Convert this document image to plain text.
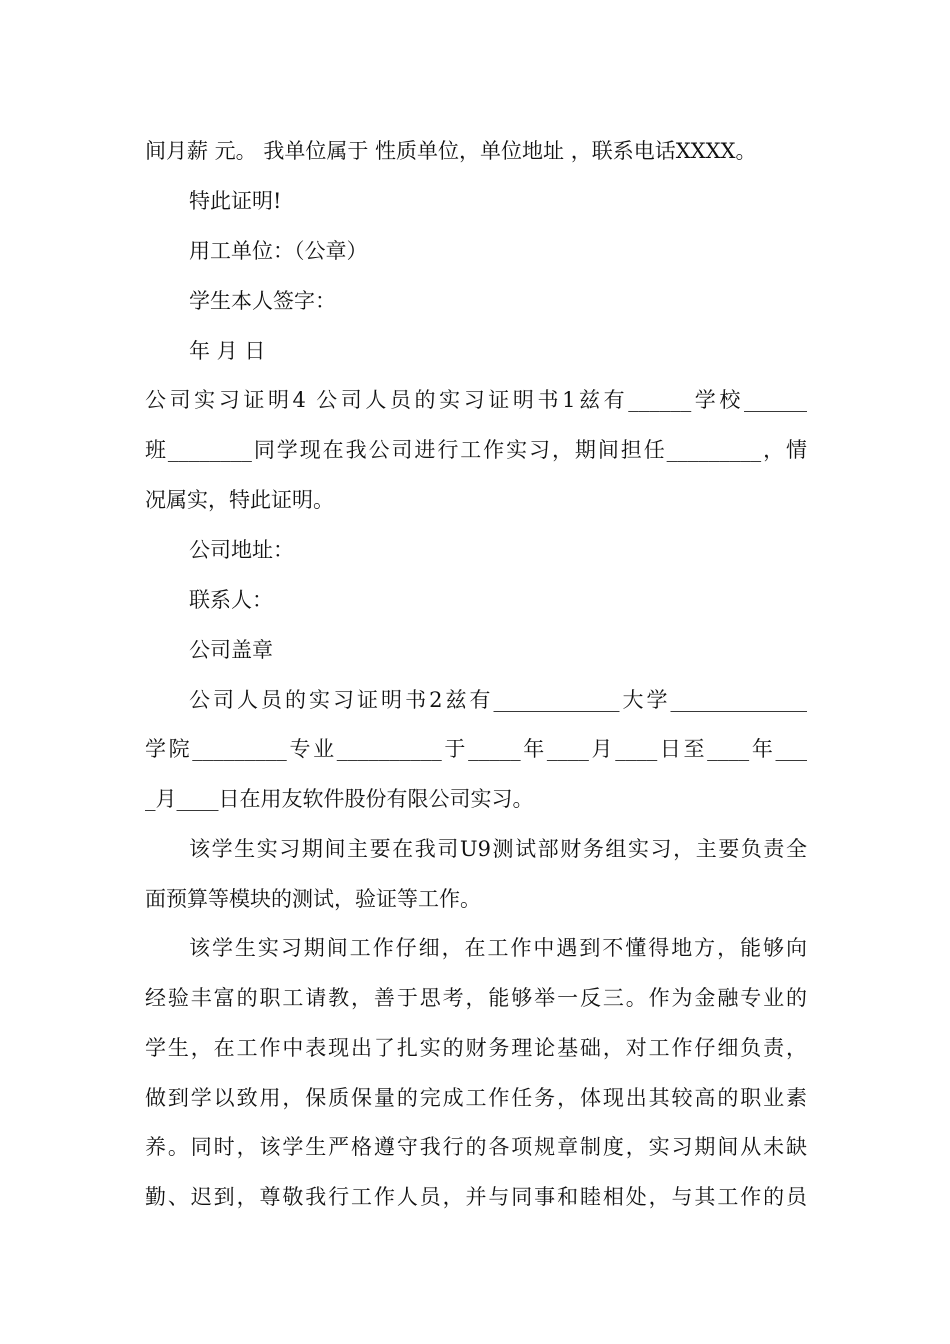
间月薪 元。 我单位属于 性质单位，单位地址 ，联系电话XXXX。
特此证明!
用工单位：（公章）
学生本人签字：
年 月 日
公司实习证明4 公司人员的实习证明书1兹有______学校______
班________同学现在我公司进行工作实习，期间担任_________，情
况属实，特此证明。
公司地址：
联系人：
公司盖章
公司人员的实习证明书2兹有____________大学_____________
学院_________专业__________于_____年____月____日至____年___
_月____日在用友软件股份有限公司实习。
该学生实习期间主要在我司U9测试部财务组实习，主要负责全
面预算等模块的测试，验证等工作。
该学生实习期间工作仔细，在工作中遇到不懂得地方，能够向
经验丰富的职工请教，善于思考，能够举一反三。作为金融专业的
学生，在工作中表现出了扎实的财务理论基础，对工作仔细负责，
做到学以致用，保质保量的完成工作任务，体现出其较高的职业素
养。同时，该学生严格遵守我行的各项规章制度，实习期间从未缺
勤、迟到，尊敬我行工作人员，并与同事和睦相处，与其工作的员
